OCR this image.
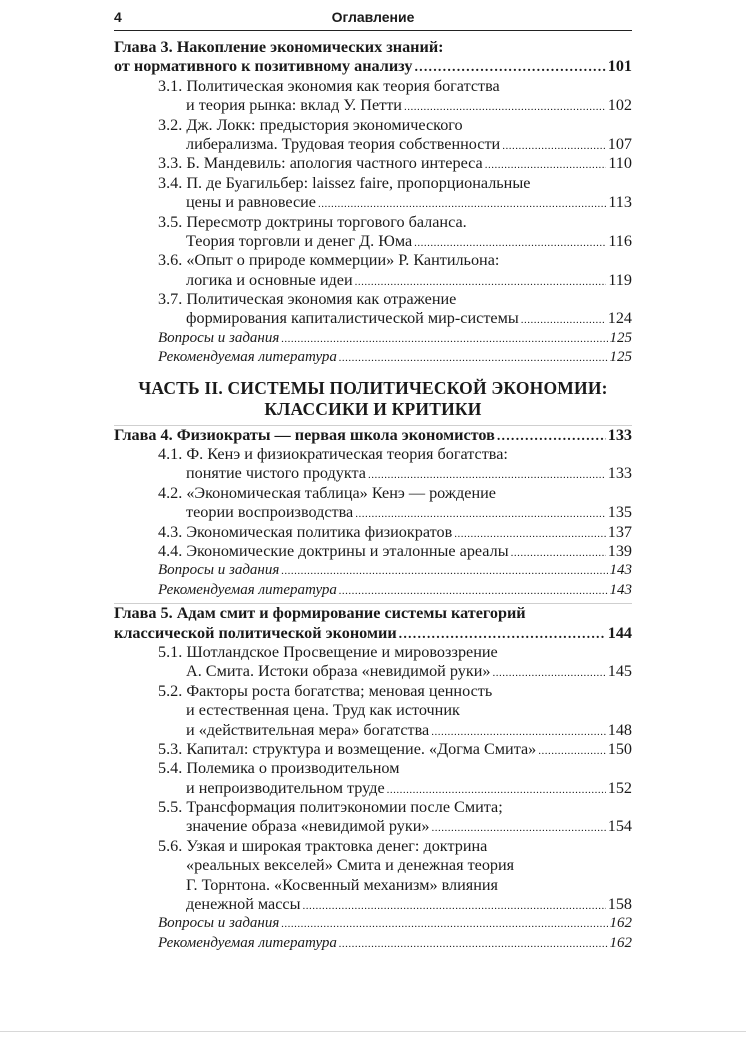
4	Оглавление
Глава 3. Накопление экономических знаний:
от нормативного к позитивному анализу .....	101
3.1. Политическая экономия как теория богатства
и теория рынка: вклад У. Петти .....	102
3.2. Дж. Локк: предыстория экономического
либерализма. Трудовая теория собственности .....	107
3.3. Б. Мандевиль: апология частного интереса .....	110
3.4. П. де Буагильбер: laissez faire, пропорциональные
цены и равновесие .....	113
3.5. Пересмотр доктрины торгового баланса.
Теория торговли и денег Д. Юма .....	116
3.6. «Опыт о природе коммерции» Р. Кантильона:
логика и основные идеи .....	119
3.7. Политическая экономия как отражение
формирования капиталистической мир-системы .....	124
Вопросы и задания .....	125
Рекомендуемая литература .....	125
ЧАСТЬ II. СИСТЕМЫ ПОЛИТИЧЕСКОЙ ЭКОНОМИИ:
КЛАССИКИ И КРИТИКИ
Глава 4. Физиократы — первая школа экономистов .....	133
4.1. Ф. Кенэ и физиократическая теория богатства:
понятие чистого продукта .....	133
4.2. «Экономическая таблица» Кенэ — рождение
теории воспроизводства .....	135
4.3. Экономическая политика физиократов .....	137
4.4. Экономические доктрины и эталонные ареалы .....	139
Вопросы и задания .....	143
Рекомендуемая литература .....	143
Глава 5. Адам смит и формирование системы категорий
классической политической экономии .....	144
5.1. Шотландское Просвещение и мировоззрение
А. Смита. Истоки образа «невидимой руки» .....	145
5.2. Факторы роста богатства; меновая ценность
и естественная цена. Труд как источник
и «действительная мера» богатства .....	148
5.3. Капитал: структура и возмещение. «Догма Смита» .....	150
5.4. Полемика о производительном
и непроизводительном труде .....	152
5.5. Трансформация политэкономии после Смита;
значение образа «невидимой руки» .....	154
5.6. Узкая и широкая трактовка денег: доктрина
«реальных векселей» Смита и денежная теория
Г. Торнтона. «Косвенный механизм» влияния
денежной массы .....	158
Вопросы и задания .....	162
Рекомендуемая литература .....	162
